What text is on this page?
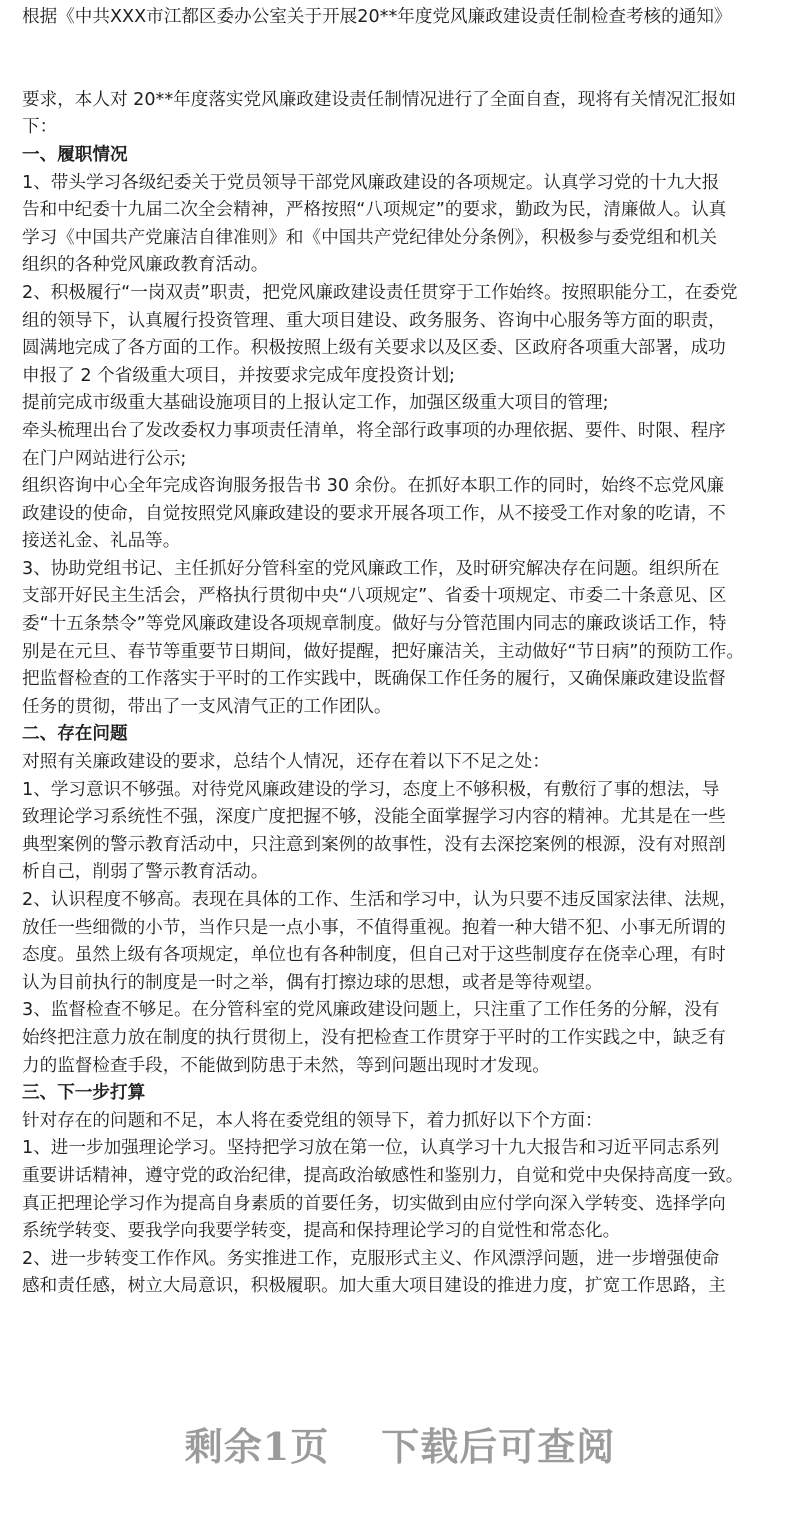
根据《中共XXX市江都区委办公室关于开展20**年度党风廉政建设责任制检查考核的通知》
要求，本人对 20**年度落实党风廉政建设责任制情况进行了全面自查，现将有关情况汇报如
下：
一、履职情况
1、带头学习各级纪委关于党员领导干部党风廉政建设的各项规定。认真学习党的十九大报
告和中纪委十九届二次全会精神，严格按照“八项规定”的要求，勤政为民，清廉做人。认真
学习《中国共产党廉洁自律准则》和《中国共产党纪律处分条例》，积极参与委党组和机关
组织的各种党风廉政教育活动。
2、积极履行“一岗双责”职责，把党风廉政建设责任贯穿于工作始终。按照职能分工，在委党
组的领导下，认真履行投资管理、重大项目建设、政务服务、咨询中心服务等方面的职责，
圆满地完成了各方面的工作。积极按照上级有关要求以及区委、区政府各项重大部署，成功
申报了 2 个省级重大项目，并按要求完成年度投资计划;
提前完成市级重大基础设施项目的上报认定工作，加强区级重大项目的管理;
牵头梳理出台了发改委权力事项责任清单，将全部行政事项的办理依据、要件、时限、程序
在门户网站进行公示;
组织咨询中心全年完成咨询服务报告书 30 余份。在抓好本职工作的同时，始终不忘党风廉
政建设的使命，自觉按照党风廉政建设的要求开展各项工作，从不接受工作对象的吃请，不
接送礼金、礼品等。
3、协助党组书记、主任抓好分管科室的党风廉政工作，及时研究解决存在问题。组织所在
支部开好民主生活会，严格执行贯彻中央“八项规定”、省委十项规定、市委二十条意见、区
委“十五条禁令”等党风廉政建设各项规章制度。做好与分管范围内同志的廉政谈话工作，特
别是在元旦、春节等重要节日期间，做好提醒，把好廉洁关，主动做好“节日病”的预防工作。
把监督检查的工作落实于平时的工作实践中，既确保工作任务的履行，又确保廉政建设监督
任务的贯彻，带出了一支风清气正的工作团队。
二、存在问题
对照有关廉政建设的要求，总结个人情况，还存在着以下不足之处：
1、学习意识不够强。对待党风廉政建设的学习，态度上不够积极，有敷衍了事的想法，导
致理论学习系统性不强，深度广度把握不够，没能全面掌握学习内容的精神。尤其是在一些
典型案例的警示教育活动中，只注意到案例的故事性，没有去深挖案例的根源，没有对照剖
析自己，削弱了警示教育活动。
2、认识程度不够高。表现在具体的工作、生活和学习中，认为只要不违反国家法律、法规，
放任一些细微的小节，当作只是一点小事，不值得重视。抱着一种大错不犯、小事无所谓的
态度。虽然上级有各项规定，单位也有各种制度，但自己对于这些制度存在侥幸心理，有时
认为目前执行的制度是一时之举，偶有打擦边球的思想，或者是等待观望。
3、监督检查不够足。在分管科室的党风廉政建设问题上，只注重了工作任务的分解，没有
始终把注意力放在制度的执行贯彻上，没有把检查工作贯穿于平时的工作实践之中，缺乏有
力的监督检查手段，不能做到防患于未然，等到问题出现时才发现。
三、下一步打算
针对存在的问题和不足，本人将在委党组的领导下，着力抓好以下个方面：
1、进一步加强理论学习。坚持把学习放在第一位，认真学习十九大报告和习近平同志系列
重要讲话精神，遵守党的政治纪律，提高政治敏感性和鉴别力，自觉和党中央保持高度一致。
真正把理论学习作为提高自身素质的首要任务，切实做到由应付学向深入学转变、选择学向
系统学转变、要我学向我要学转变，提高和保持理论学习的自觉性和常态化。
2、进一步转变工作作风。务实推进工作，克服形式主义、作风漂浮问题，进一步增强使命
感和责任感，树立大局意识，积极履职。加大重大项目建设的推进力度，扩宽工作思路，主
剩余1页 下载后可查阅
